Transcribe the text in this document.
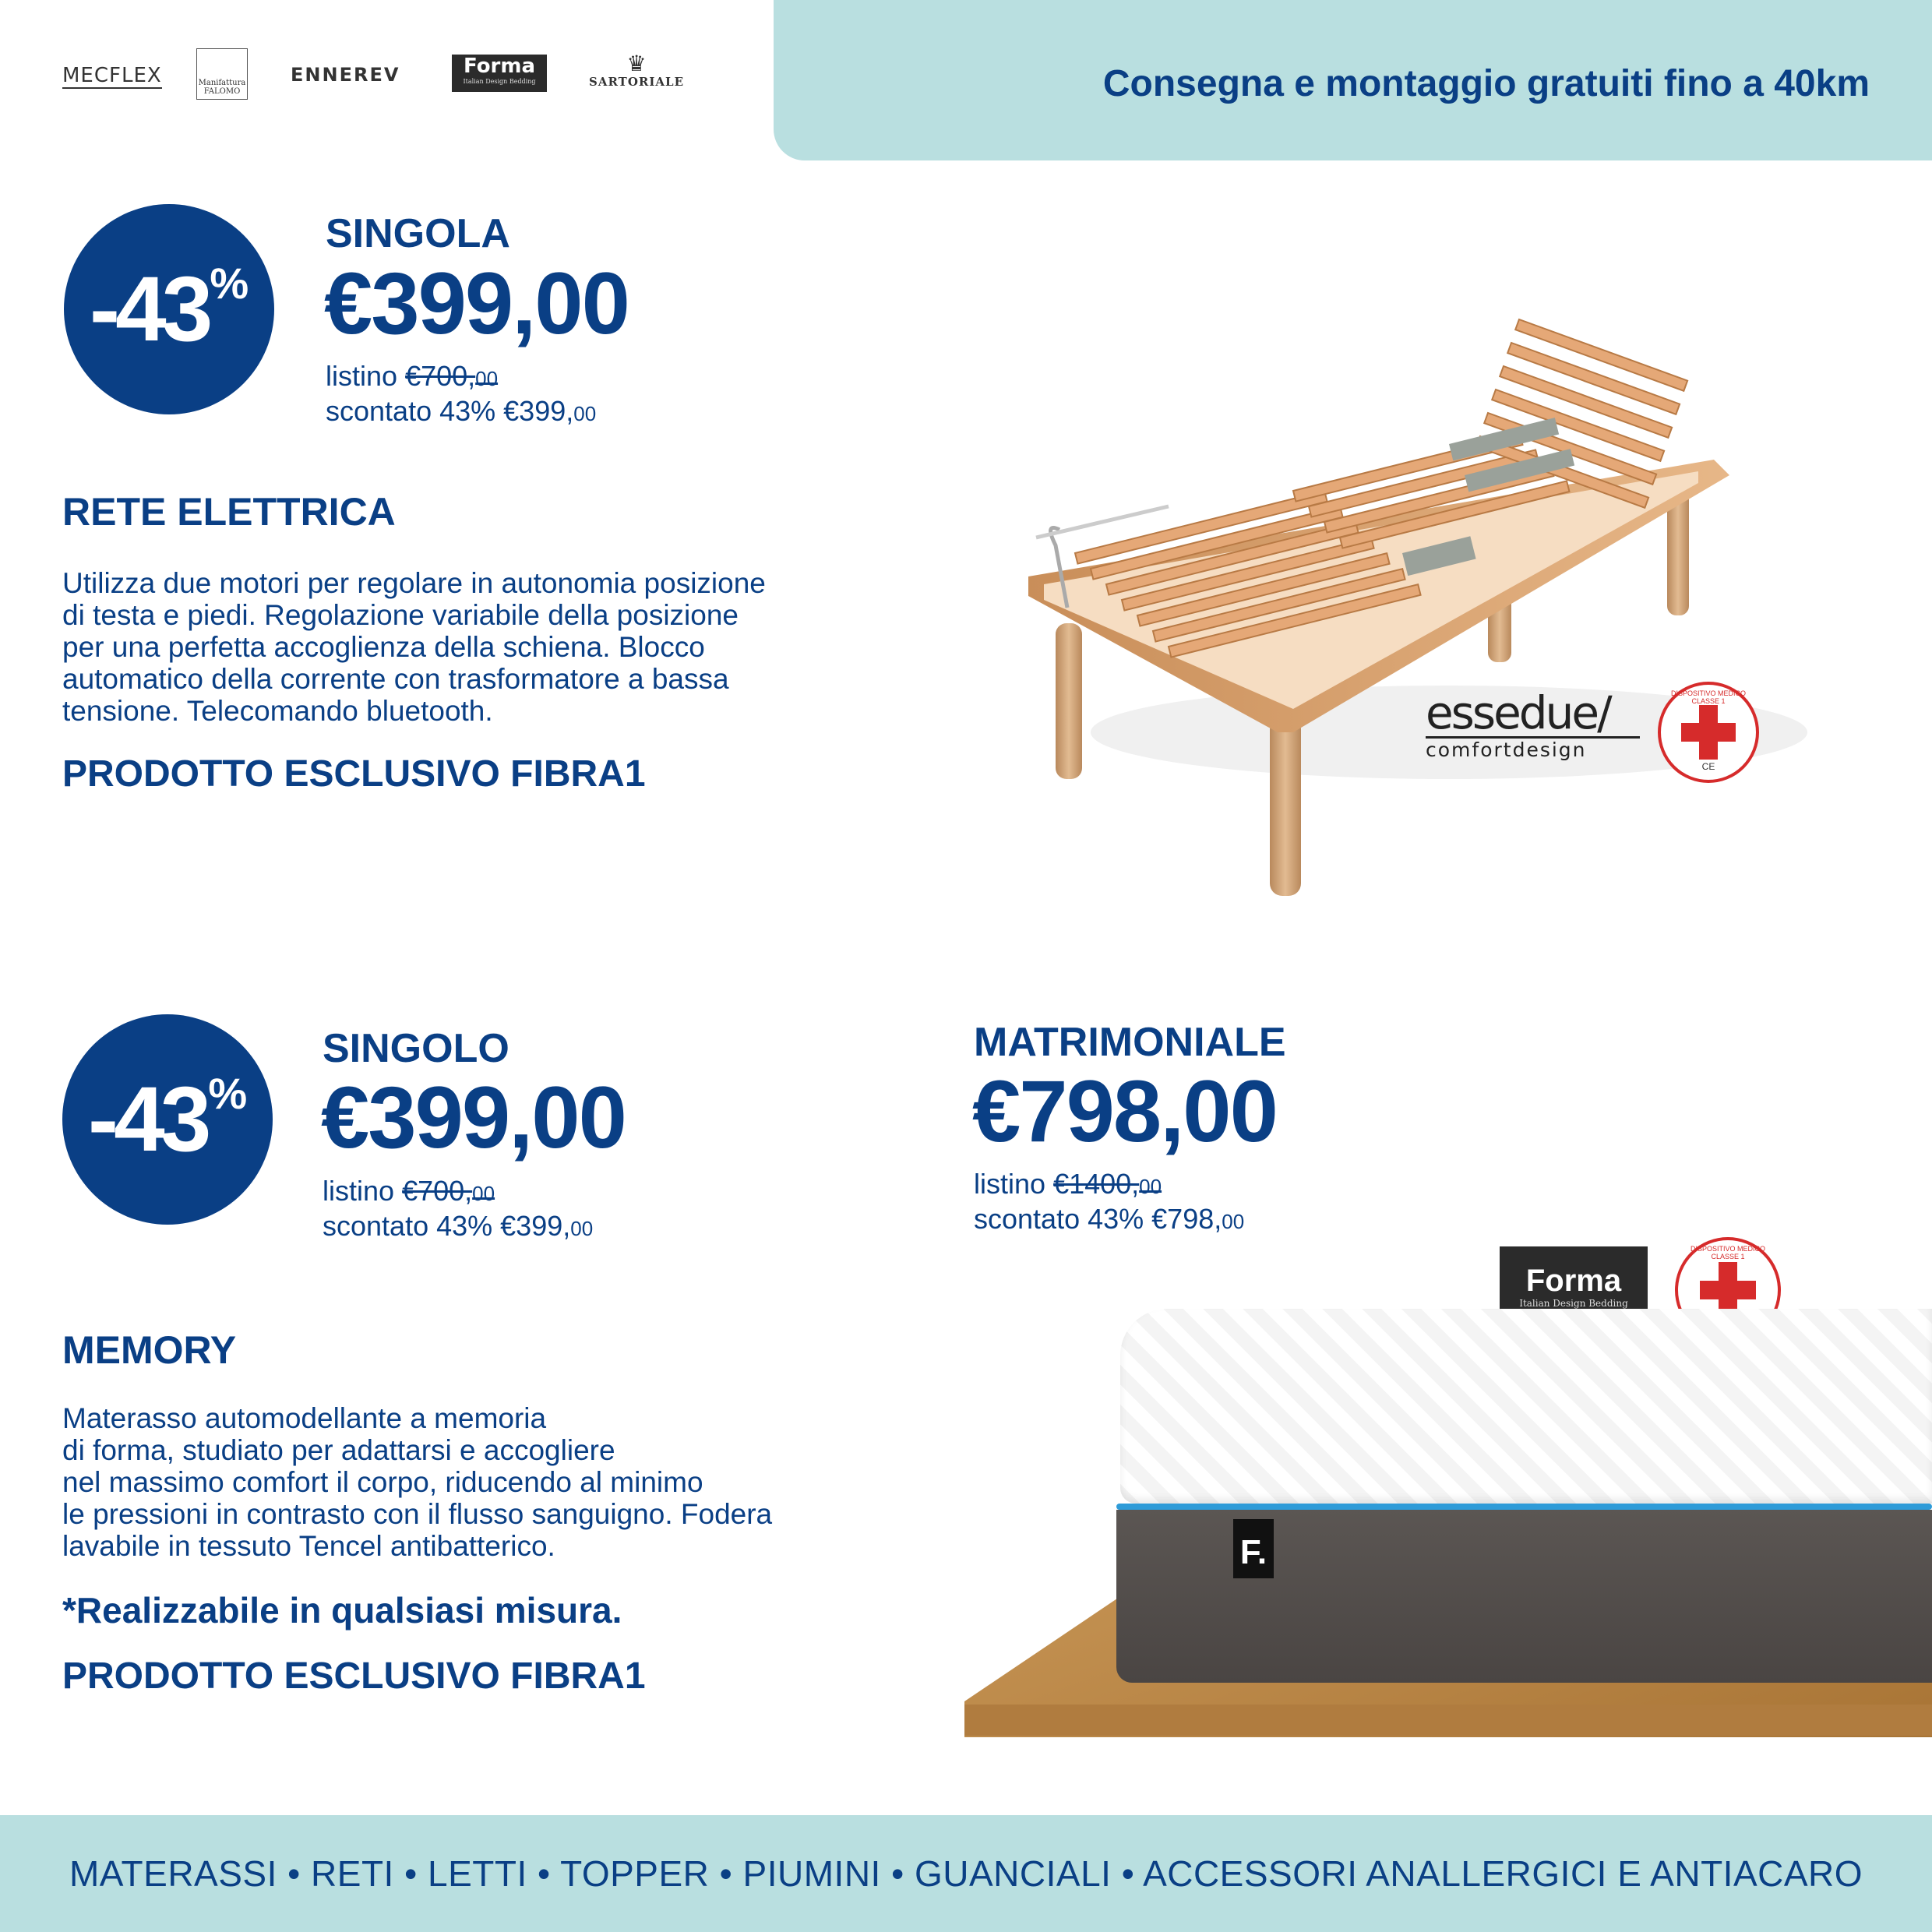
Consegna e montaggio gratuiti fino a 40km
MECFLEX	Manifattura FALOMO
ENNEREV	Forma
Italian Design Bedding
♛
SARTORIALE
-43%
SINGOLA
€399,00
listino €700,00
scontato 43% €399,00
RETE ELETTRICA
Utilizza due motori per regolare in autonomia posizione
di testa e piedi. Regolazione variabile della posizione
per una perfetta accoglienza della schiena. Blocco
automatico della corrente con trasformatore a bassa
tensione. Telecomando bluetooth.
PRODOTTO ESCLUSIVO FIBRA1
essedue/
comfortdesign
CE
DISPOSITIVO MEDICO CLASSE 1
-43%
SINGOLO
€399,00
listino €700,00
scontato 43% €399,00
MATRIMONIALE
€798,00
listino €1400,00
scontato 43% €798,00
MEMORY
Materasso automodellante a memoria
di forma, studiato per adattarsi e accogliere
nel massimo comfort il corpo, riducendo al minimo
le pressioni in contrasto con il flusso sanguigno. Fodera
lavabile in tessuto Tencel antibatterico.
*Realizzabile in qualsiasi misura.
PRODOTTO ESCLUSIVO FIBRA1
Forma
Italian Design Bedding
DISPOSITIVO MEDICO CLASSE 1
F.
MATERASSI • RETI • LETTI • TOPPER • PIUMINI • GUANCIALI • ACCESSORI ANALLERGICI E ANTIACARO
